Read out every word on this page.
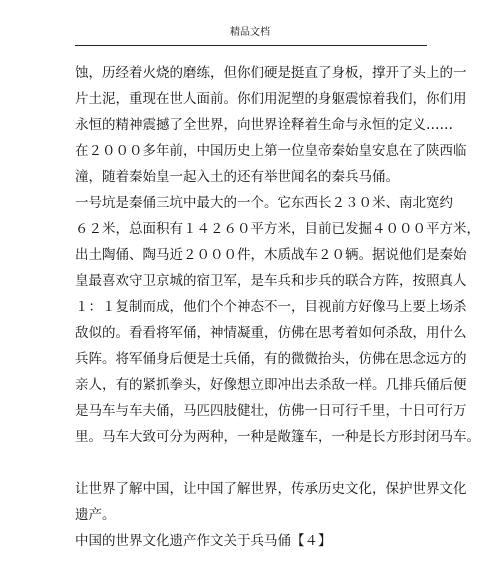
精品文档
蚀，历经着火烧的磨练，但你们硬是挺直了身板，撑开了头上的一
片土泥，重现在世人面前。你们用泥塑的身躯震惊着我们，你们用
永恒的精神震撼了全世界，向世界诠释着生命与永恒的定义……
在２０００多年前，中国历史上第一位皇帝秦始皇安息在了陕西临
潼，随着秦始皇一起入土的还有举世闻名的秦兵马俑。
一号坑是秦俑三坑中最大的一个。它东西长２３０米、南北宽约
６２米，总面积有１４２６０平方米，目前已发掘４０００平方米，
出土陶俑、陶马近２０００件，木质战车２０辆。据说他们是秦始
皇最喜欢守卫京城的宿卫军，是车兵和步兵的联合方阵，按照真人
１：１复制而成，他们个个神态不一，目视前方好像马上要上场杀
敌似的。看看将军俑，神情凝重，仿佛在思考着如何杀敌，用什么
兵阵。将军俑身后便是士兵俑，有的微微抬头，仿佛在思念远方的
亲人，有的紧抓拳头，好像想立即冲出去杀敌一样。几排兵俑后便
是马车与车夫俑，马匹四肢健壮，仿佛一日可行千里，十日可行万
里。马车大致可分为两种，一种是敞篷车，一种是长方形封闭马车。
让世界了解中国，让中国了解世界，传承历史文化，保护世界文化
遗产。
中国的世界文化遗产作文关于兵马俑【４】
